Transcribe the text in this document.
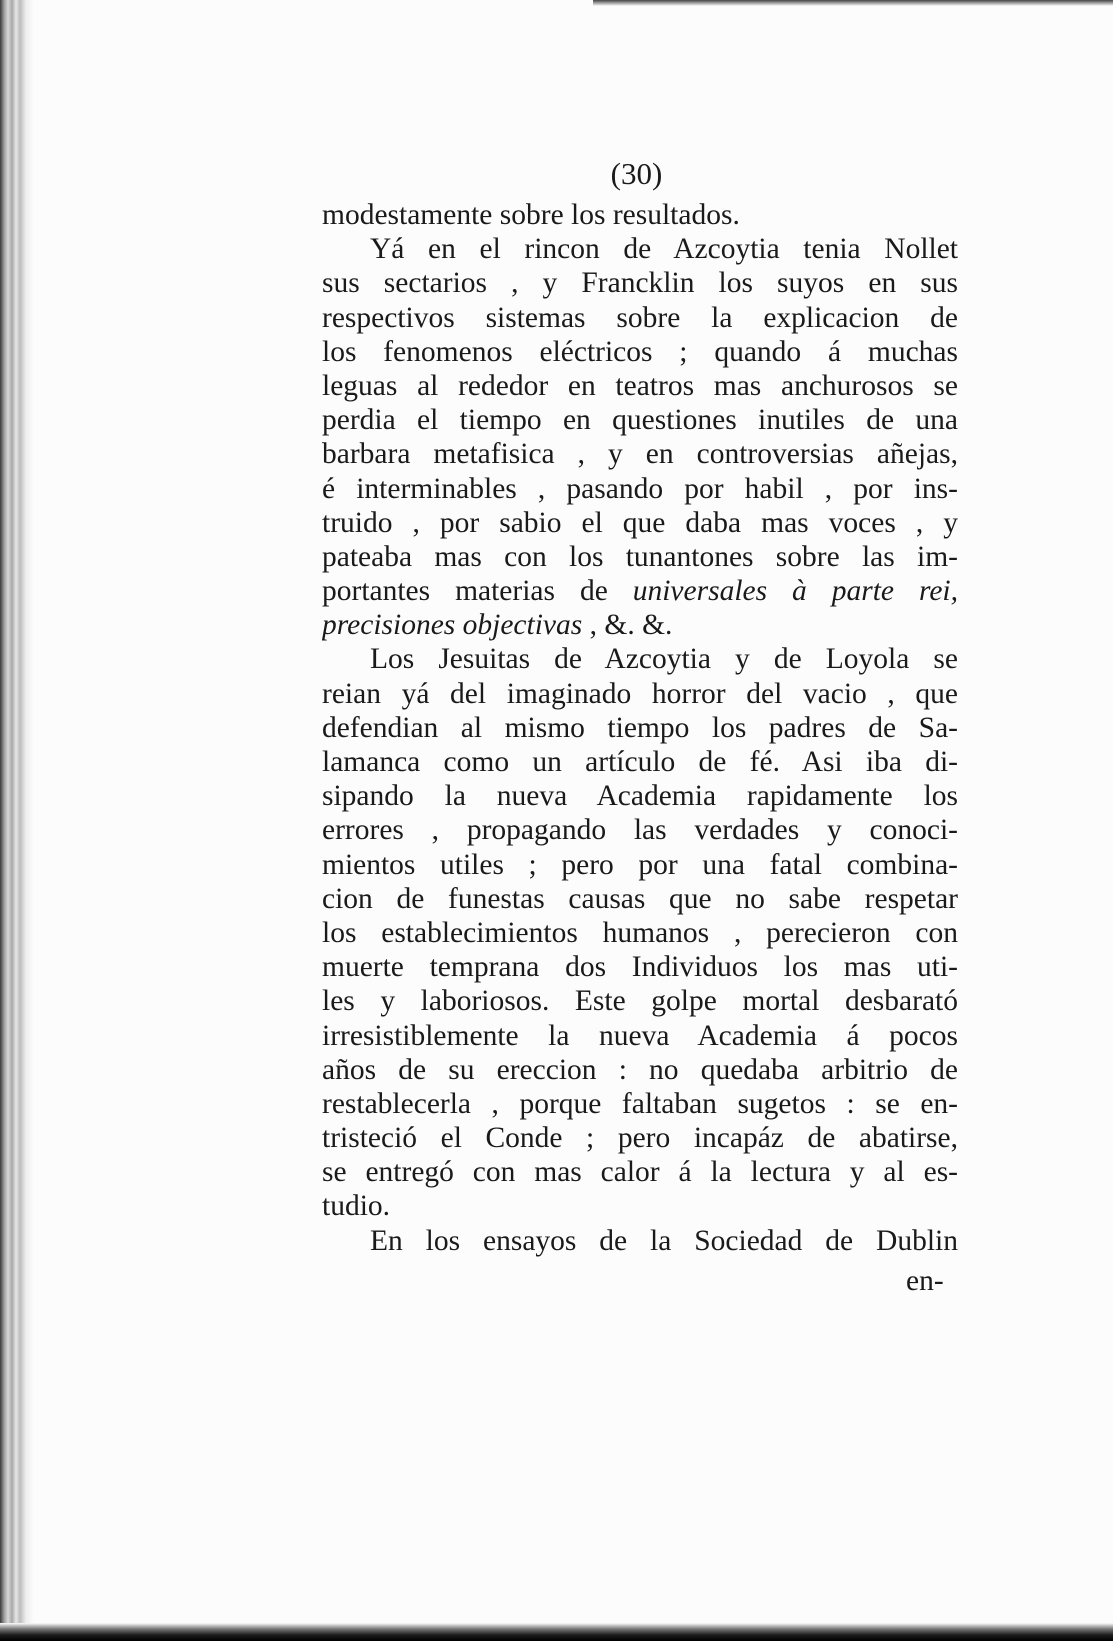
(30)
modestamente sobre los resultados.
Yá en el rincon de Azcoytia tenia Nollet
sus sectarios , y Francklin los suyos en sus
respectivos sistemas sobre la explicacion de
los fenomenos eléctricos ; quando á muchas
leguas al rededor en teatros mas anchurosos se
perdia el tiempo en questiones inutiles de una
barbara metafisica , y en controversias añejas,
é interminables , pasando por habil , por ins-
truido , por sabio el que daba mas voces , y
pateaba mas con los tunantones sobre las im-
portantes materias de universales à parte rei,
precisiones objectivas , &. &.
Los Jesuitas de Azcoytia y de Loyola se
reian yá del imaginado horror del vacio , que
defendian al mismo tiempo los padres de Sa-
lamanca como un artículo de fé. Asi iba di-
sipando la nueva Academia rapidamente los
errores , propagando las verdades y conoci-
mientos utiles ; pero por una fatal combina-
cion de funestas causas que no sabe respetar
los establecimientos humanos , perecieron con
muerte temprana dos Individuos los mas uti-
les y laboriosos. Este golpe mortal desbarató
irresistiblemente la nueva Academia á pocos
años de su ereccion : no quedaba arbitrio de
restablecerla , porque faltaban sugetos : se en-
tristeció el Conde ; pero incapáz de abatirse,
se entregó con mas calor á la lectura y al es-
tudio.
En los ensayos de la Sociedad de Dublin
en-
